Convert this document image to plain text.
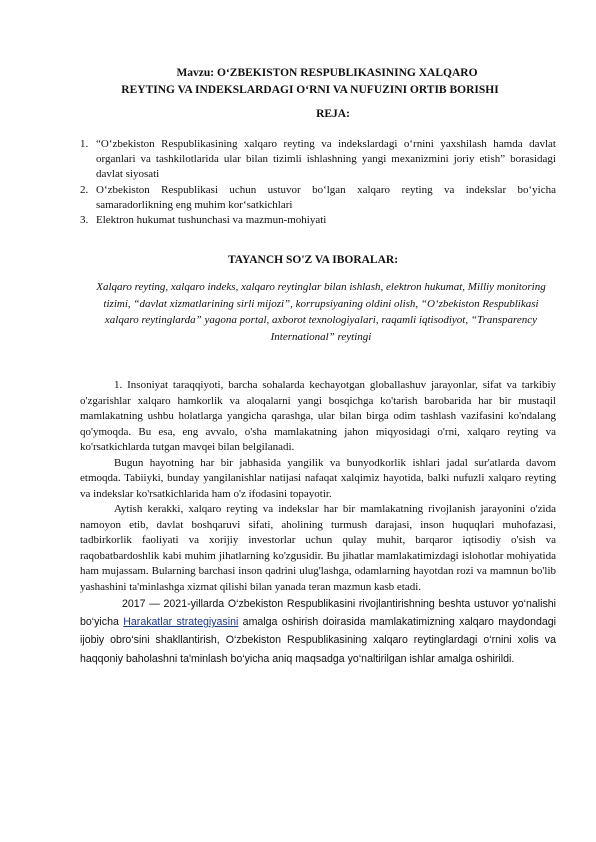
Mavzu: O‘ZBEKISTON RESPUBLIKASINING XALQARO

REYTING VA INDEKSLARDAGI O‘RNI VA NUFUZINI ORTIB BORISHI

REJA:
1. “O‘zbekiston Respublikasining xalqaro reyting va indekslardagi o‘rnini yaxshilash hamda davlat organlari va tashkilotlarida ular bilan tizimli ishlashning yangi mexanizmini joriy etish” borasidagi davlat siyosati
2. O‘zbekiston Respublikasi uchun ustuvor bo‘lgan xalqaro reyting va indekslar bo‘yicha samaradorlikning eng muhim kor‘satkichlari
3. Elektron hukumat tushunchasi va mazmun-mohiyati
TAYANCH SO'Z VA IBORALAR:

Xalqaro reyting, xalqaro indeks, xalqaro reytinglar bilan ishlash, elektron hukumat, Milliy monitoring tizimi, “davlat xizmatlarining sirli mijozi”, korrupsiyaning oldini olish, “O‘zbekiston Respublikasi xalqaro reytinglarda” yagona portal, axborot texnologiyalari, raqamli iqtisodiyot, “Transparency International” reytingi

1. Insoniyat taraqqiyoti, barcha sohalarda kechayotgan globallashuv jarayonlar, sifat va tarkibiy o'zgarishlar xalqaro hamkorlik va aloqalarni yangi bosqichga ko'tarish barobarida har bir mustaqil mamlakatning ushbu holatlarga yangicha qarashga, ular bilan birga odim tashlash vazifasini ko'ndalang qo'ymoqda. Bu esa, eng avvalo, o'sha mamlakatning jahon miqyosidagi o'rni, xalqaro reyting va ko'rsatkichlarda tutgan mavqei bilan belgilanadi.

Bugun hayotning har bir jabhasida yangilik va bunyodkorlik ishlari jadal sur'atlarda davom etmoqda. Tabiiyki, bunday yangilanishlar natijasi nafaqat xalqimiz hayotida, balki nufuzli xalqaro reyting va indekslar ko'rsatkichlarida ham o'z ifodasini topayotir.

Aytish kerakki, xalqaro reyting va indekslar har bir mamlakatning rivojlanish jarayonini o'zida namoyon etib, davlat boshqaruvi sifati, aholining turmush darajasi, inson huquqlari muhofazasi, tadbirkorlik faoliyati va xorijiy investorlar uchun qulay muhit, barqaror iqtisodiy o'sish va raqobatbardoshlik kabi muhim jihatlarning ko'zgusidir. Bu jihatlar mamlakatimizdagi islohotlar mohiyatida ham mujassam. Bularning barchasi inson qadrini ulug'lashga, odamlarning hayotdan rozi va mamnun bo'lib yashashini ta'minlashga xizmat qilishi bilan yanada teran mazmun kasb etadi.

2017 — 2021-yillarda O‘zbekiston Respublikasini rivojlantirishning beshta ustuvor yo‘nalishi bo‘yicha Harakatlar strategiyasini amalga oshirish doirasida mamlakatimizning xalqaro maydondagi ijobiy obro‘sini shakllantirish, O‘zbekiston Respublikasining xalqaro reytinglardagi o‘rnini xolis va haqqoniy baholashni ta'minlash bo‘yicha aniq maqsadga yo‘naltirilgan ishlar amalga oshirildi.
